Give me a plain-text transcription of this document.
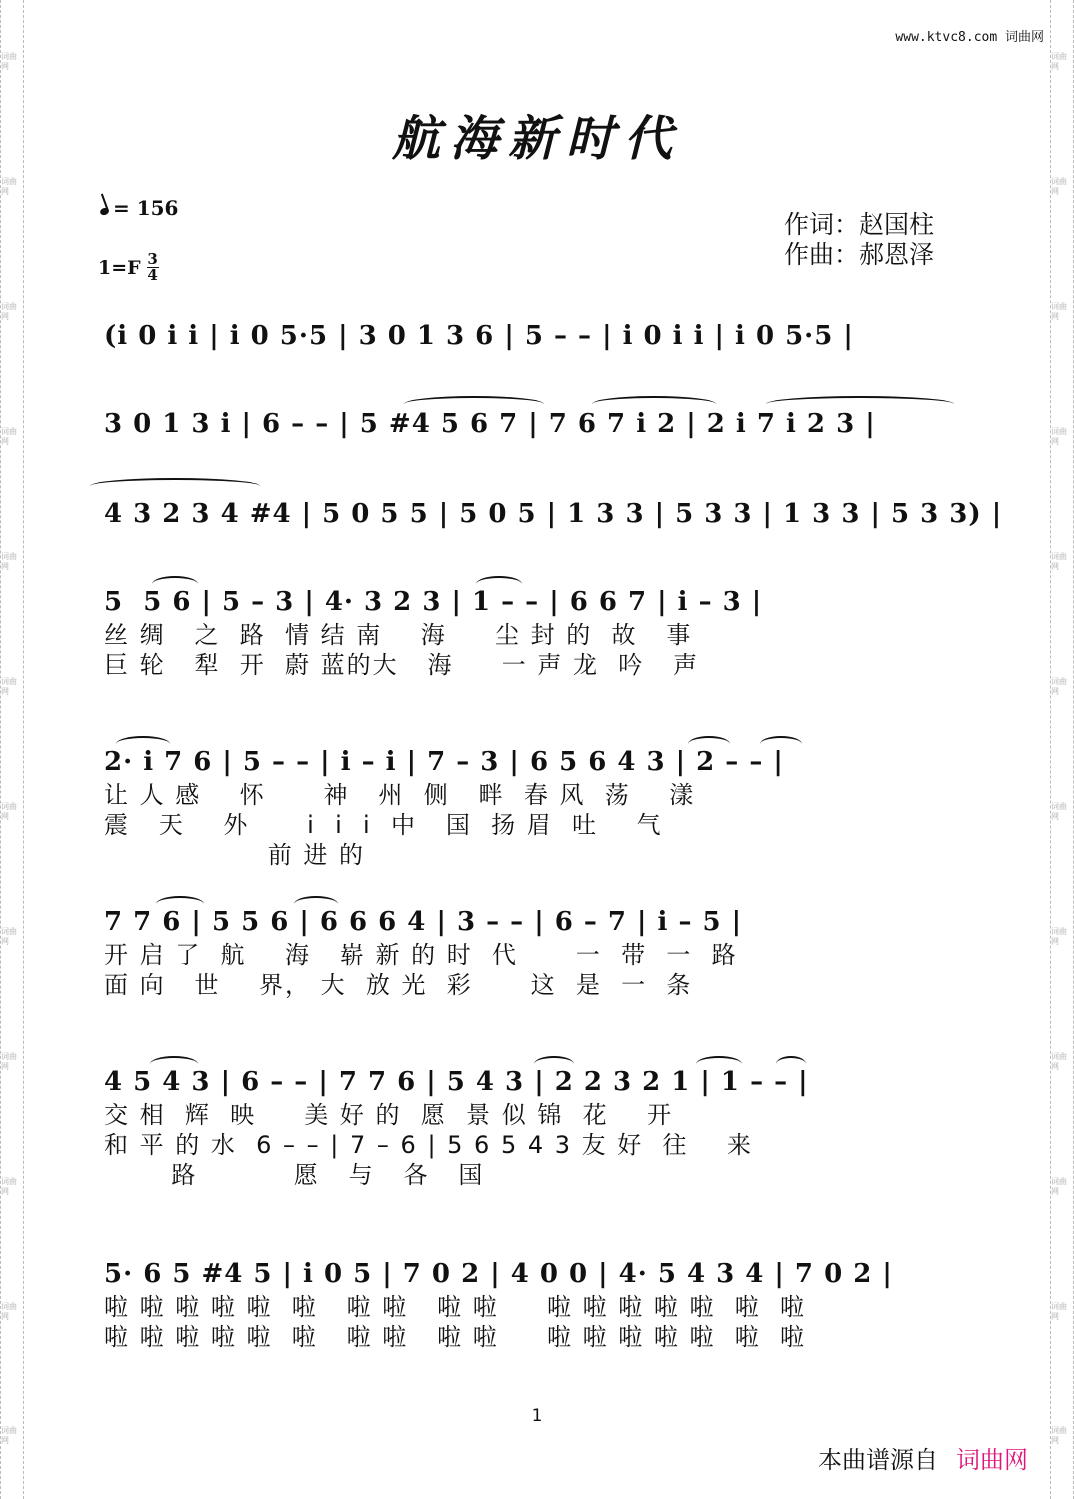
词曲网
词曲网
词曲网
词曲网
词曲网
词曲网
词曲网
词曲网
词曲网
词曲网
词曲网
词曲网
词曲网
词曲网
词曲网
词曲网
词曲网
词曲网
词曲网
词曲网
词曲网
词曲网
词曲网
词曲网
www.ktvc8.com 词曲网
航海新时代
= 156
$1=F \frac{3}{4}$
作词：赵国柱
作曲：郝恩泽
(i 0 i i | i 0 5·5 | 3 0 1 3 6 | 5 – – | i 0 i i | i 0 5·5 |
3 0 1 3 i | 6 – – | 5 #4 5 6 7 | 7 6 7 i 2 | 2 i 7 i 2 3 |
4 3 2 3 4 #4 | 5 0 5 5 | 5 0 5 | 1 3 3 | 5 3 3 | 1 3 3 | 5 3 3) |
5  5 6 | 5 – 3 | 4· 3 2 3 | 1 – – | 6 6 7 | i – 3 |
丝 绸   之  路  情 结 南    海     尘 封 的  故   事
巨 轮   犁  开  蔚 蓝的大   海     一 声 龙  吟   声
2· i 7 6 | 5 – – | i – i | 7 – 3 | 6 5 6 4 3 | 2 – – |
让 人 感    怀      神   州  侧   畔  春 风  荡    漾
震   天    外      i  i  i  中   国  扬 眉  吐    气
前 进 的
7 7 6 | 5 5 6 | 6 6 6 4 | 3 – – | 6 – 7 | i – 5 |
开 启 了  航    海   崭 新 的 时  代      一  带  一  路
面 向   世    界， 大  放 光  彩      这  是  一  条
4 5 4 3 | 6 – – | 7 7 6 | 5 4 3 | 2 2 3 2 1 | 1 – – |
交 相  辉  映     美 好 的  愿  景 似 锦  花    开
和 平 的 水  6 – – | 7 – 6 | 5 6 5 4 3 友 好  往    来
路          愿   与   各   国
5· 6 5 #4 5 | i 0 5 | 7 0 2 | 4 0 0 | 4· 5 4 3 4 | 7 0 2 |
啦 啦 啦 啦 啦  啦   啦 啦   啦 啦     啦 啦 啦 啦 啦  啦  啦
啦 啦 啦 啦 啦  啦   啦 啦   啦 啦     啦 啦 啦 啦 啦  啦  啦
1
本曲谱源自 词曲网
